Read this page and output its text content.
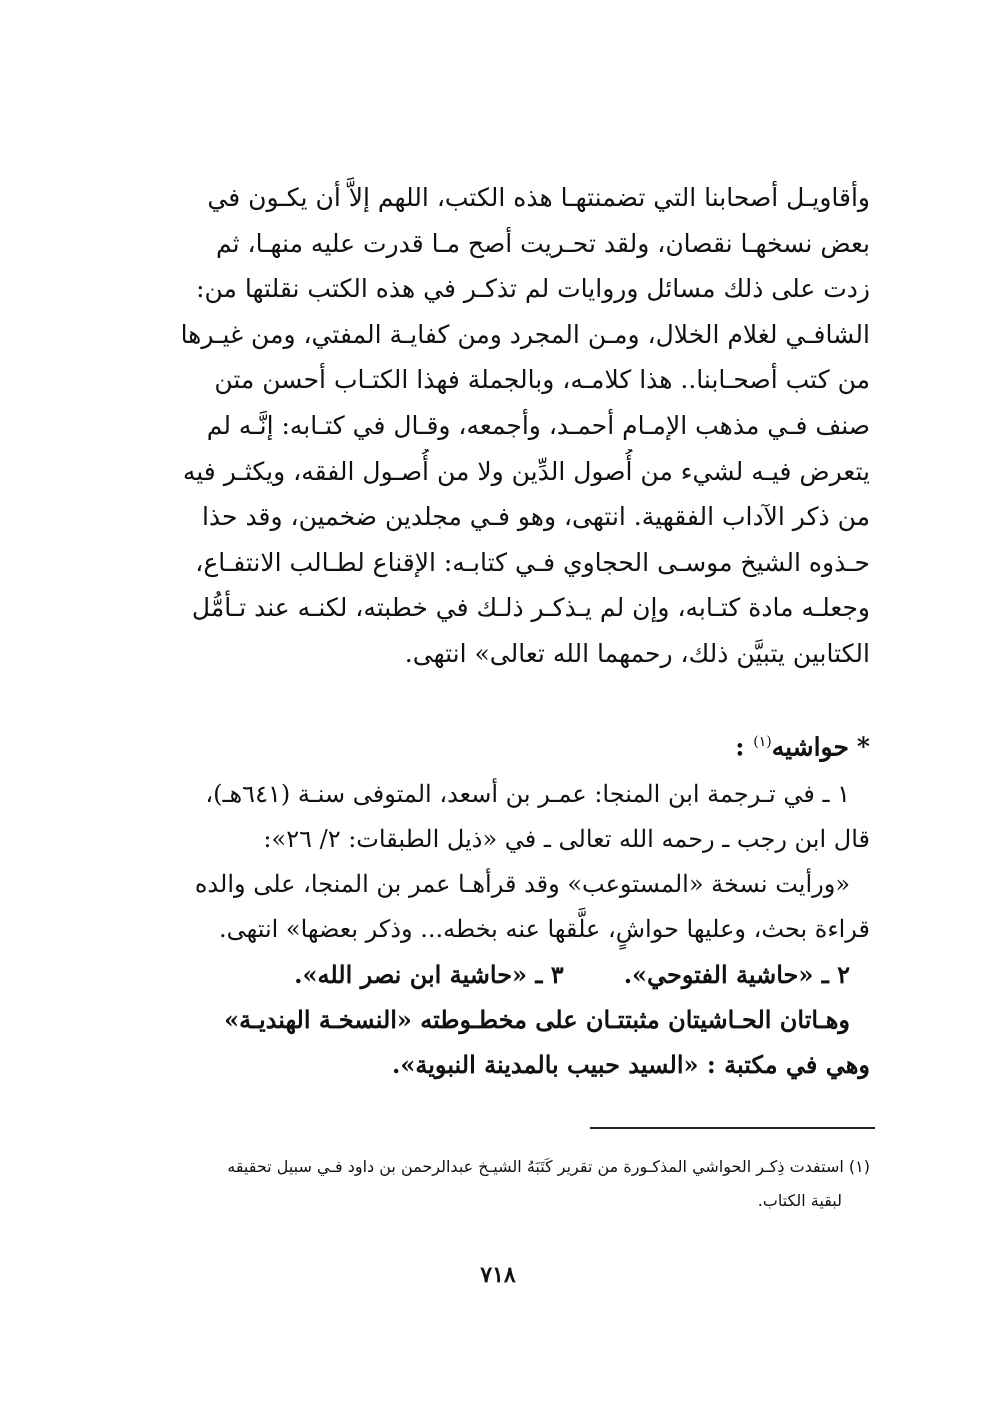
وأقاويـل أصحابنا التي تضمنتهـا هذه الكتب، اللهم إلاَّ أن يكـون في
بعض نسخهـا نقصان، ولقد تحـريت أصح مـا قدرت عليه منهـا، ثم
زدت على ذلك مسائل وروايات لم تذكـر في هذه الكتب نقلتها من:
الشافـي لغلام الخلال، ومـن المجرد ومن كفايـة المفتي، ومن غيـرها
من كتب أصحـابنا.. هذا كلامـه، وبالجملة فهذا الكتـاب أحسن متن
صنف فـي مذهب الإمـام أحمـد، وأجمعه، وقـال في كتـابه: إنَّـه لم
يتعرض فيـه لشيء من أُصول الدِّين ولا من أُصـول الفقه، ويكثـر فيه
من ذكر الآداب الفقهية. انتهى، وهو فـي مجلدين ضخمين، وقد حذا
حـذوه الشيخ موسـى الحجاوي فـي كتابـه: الإقناع لطـالب الانتفـاع،
وجعلـه مادة كتـابه، وإن لم يـذكـر ذلـك في خطبته، لكنـه عند تـأمُّل
الكتابين يتبيَّن ذلك، رحمهما الله تعالى» انتهى.
*حواشيه$^{(١)}$ :
١ ـ في تـرجمة ابن المنجا: عمـر بن أسعد، المتوفى سنـة (٦٤١هـ)،
قال ابن رجب ـ رحمه الله تعالى ـ في «ذيل الطبقات: ٢/ ٢٦»:
«ورأيت نسخة «المستوعب» وقد قرأهـا عمر بن المنجا، على والده
قراءة بحث، وعليها حواشٍ، علَّقها عنه بخطه... وذكر بعضها» انتهى.
٢ ـ «حاشية الفتوحي».٣ ـ «حاشية ابن نصر الله».
وهـاتان الحـاشيتان مثبتتـان على مخطـوطته «النسخـة الهنديـة»
وهي في مكتبة : «السيد حبيب بالمدينة النبوية».
(١) استفدت ذِكـر الحواشي المذكـورة من تقرير كَتَبَهُ الشيـخ عبدالرحمن بن داود فـي سبيل تحقيقه
لبقية الكتاب.
٧١٨
